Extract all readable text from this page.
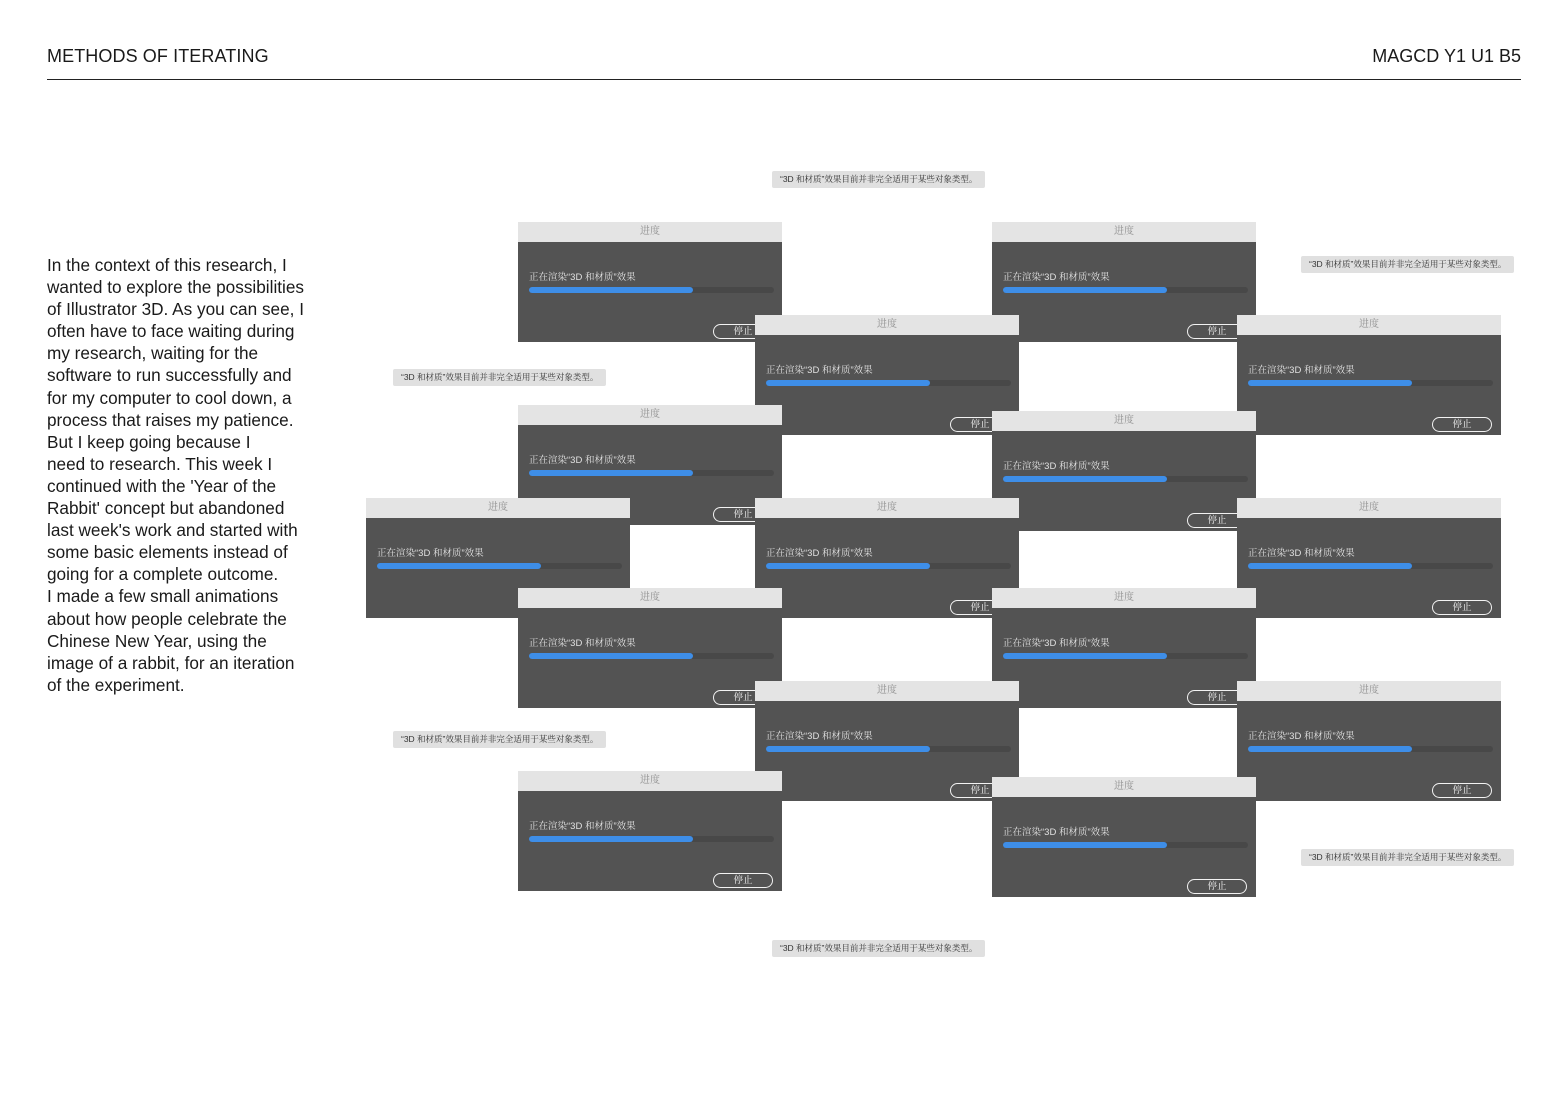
METHODS OF ITERATING	MAGCD Y1 U1 B5

In the context of this research, I

wanted to explore the possibilities

of Illustrator 3D. As you can see, I

often have to face waiting during

my research, waiting for the

software to run successfully and

for my computer to cool down, a

process that raises my patience.

But I keep going because I

need to research. This week I

continued with the 'Year of the

Rabbit' concept but abandoned

last week's work and started with

some basic elements instead of

going for a complete outcome.

I made a few small animations

about how people celebrate the

Chinese New Year, using the

image of a rabbit, for an iteration

of the experiment.

“3D 和材质”效果目前并非完全适用于某些对象类型。
“3D 和材质”效果目前并非完全适用于某些对象类型。
“3D 和材质”效果目前并非完全适用于某些对象类型。
“3D 和材质”效果目前并非完全适用于某些对象类型。
“3D 和材质”效果目前并非完全适用于某些对象类型。
“3D 和材质”效果目前并非完全适用于某些对象类型。
进度
正在渲染“3D 和材质”效果
停止
进度
正在渲染“3D 和材质”效果
停止
进度
正在渲染“3D 和材质”效果
停止
进度
正在渲染“3D 和材质”效果
停止
进度
正在渲染“3D 和材质”效果
停止
进度
正在渲染“3D 和材质”效果
停止
进度
正在渲染“3D 和材质”效果
进度
正在渲染“3D 和材质”效果
停止
进度
正在渲染“3D 和材质”效果
停止
进度
正在渲染“3D 和材质”效果
停止
进度
正在渲染“3D 和材质”效果
停止
进度
正在渲染“3D 和材质”效果
停止
进度
正在渲染“3D 和材质”效果
停止
进度
正在渲染“3D 和材质”效果
停止
进度
正在渲染“3D 和材质”效果
停止
